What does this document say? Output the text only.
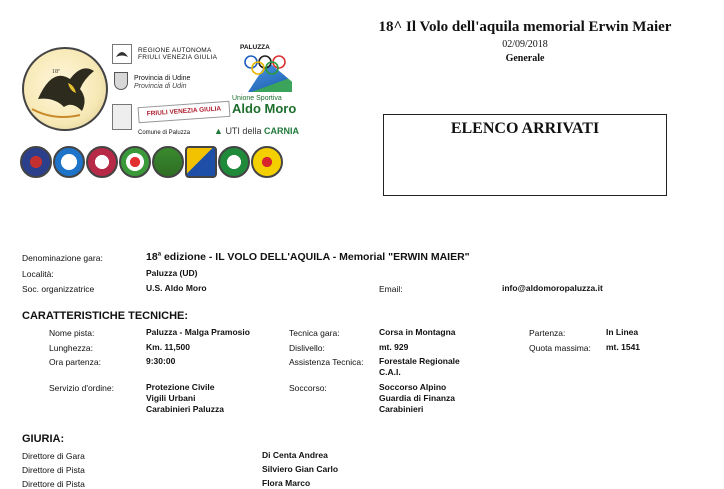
18^ Il Volo dell'aquila memorial Erwin Maier
02/09/2018
Generale
ELENCO ARRIVATI
18ª
REGIONE AUTONOMA FRIULI VENEZIA GIULIA
Provincia di Udine
Provincia di Udin
FRIULI VENEZIA GIULIA
Comune di Paluzza
PALUZZA
Unione Sportiva
Aldo Moro
▲ UTI della CARNIA
Denominazione gara:	18$^a$ edizione - IL VOLO DELL'AQUILA - Memorial "ERWIN MAIER"
Località:	Paluzza (UD)
Soc. organizzatrice	U.S. Aldo Moro	Email:	info@aldomoropaluzza.it
CARATTERISTICHE TECNICHE:
Nome pista:	Paluzza - Malga Pramosio	Tecnica gara:	Corsa in Montagna	Partenza:	In Linea
Lunghezza:	Km. 11,500	Dislivello:	mt. 929	Quota massima: mt. 1541
Ora partenza:	9:30:00	Assistenza Tecnica: Forestale Regionale
C.A.I.
Servizio d'ordine:	Protezione Civile
Vigili Urbani
Carabinieri Paluzza
Soccorso:	Soccorso Alpino
Guardia di Finanza
Carabinieri
GIURIA:
Direttore di Gara	Di Centa Andrea
Direttore di Pista	Silviero Gian Carlo
Direttore di Pista	Flora Marco
